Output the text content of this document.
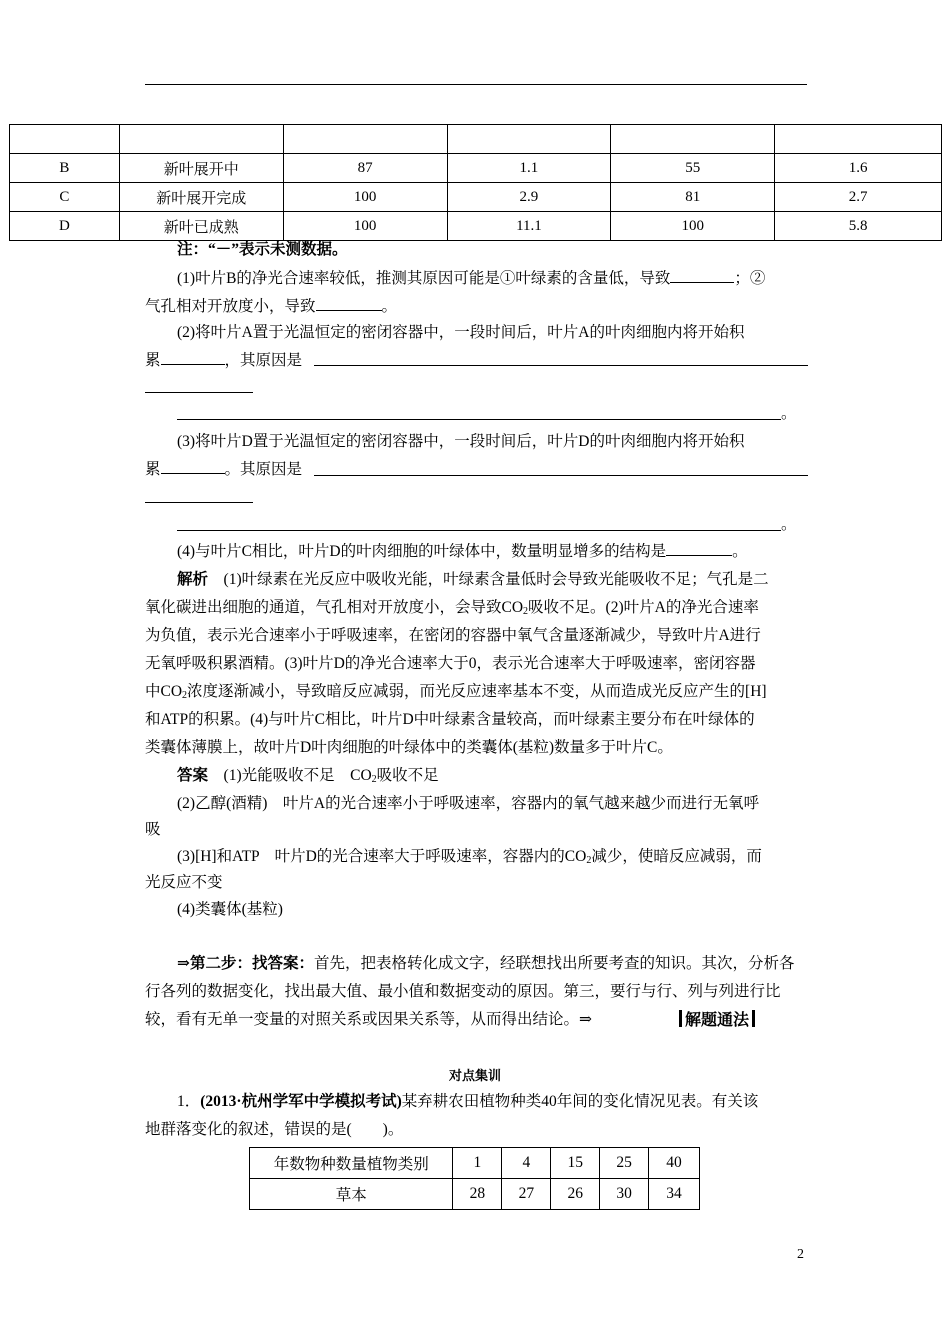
B	新叶展开中	87	1.1	55	1.6
C	新叶展开完成	100	2.9	81	2.7
D	新叶已成熟	100	11.1	100	5.8
注：“－”表示未测数据。
(1)叶片B的净光合速率较低，推测其原因可能是①叶绿素的含量低，导致	；②
气孔相对开放度小，导致	。
(2)将叶片A置于光温恒定的密闭容器中，一段时间后，叶片A的叶肉细胞内将开始积
累	，其原因是
。
(3)将叶片D置于光温恒定的密闭容器中，一段时间后，叶片D的叶肉细胞内将开始积
累	。其原因是
。
(4)与叶片C相比，叶片D的叶肉细胞的叶绿体中，数量明显增多的结构是	。
解析　 (1)叶绿素在光反应中吸收光能，叶绿素含量低时会导致光能吸收不足；气孔是二
氧化碳进出细胞的通道，气孔相对开放度小，会导致$CO_2$吸收不足。(2)叶片A的净光合速率
为负值，表示光合速率小于呼吸速率，在密闭的容器中氧气含量逐渐减少，导致叶片A进行
无氧呼吸积累酒精。(3)叶片D的净光合速率大于0，表示光合速率大于呼吸速率，密闭容器
中$CO_2$浓度逐渐减小，导致暗反应减弱，而光反应速率基本不变，从而造成光反应产生的[H]
和ATP的积累。(4)与叶片C相比，叶片D中叶绿素含量较高，而叶绿素主要分布在叶绿体的
类囊体薄膜上，故叶片D叶肉细胞的叶绿体中的类囊体(基粒)数量多于叶片C。
答案　 (1)光能吸收不足　$CO_2$吸收不足
(2)乙醇(酒精)　叶片A的光合速率小于呼吸速率，容器内的氧气越来越少而进行无氧呼
吸
(3)[H]和ATP　叶片D的光合速率大于呼吸速率，容器内的$CO_2$减少，使暗反应减弱，而
光反应不变
(4)类囊体(基粒)
⇒第二步：找答案：首先，把表格转化成文字，经联想找出所要考查的知识。其次，分析各
行各列的数据变化，找出最大值、最小值和数据变动的原因。第三，要行与行、列与列进行比
较，看有无单一变量的对照关系或因果关系等，从而得出结论。⇒	解题通法
对点集训
1．(2013·杭州学军中学模拟考试)某弃耕农田植物种类40年间的变化情况见表。有关该
地群落变化的叙述，错误的是(　　)。
年数物种数量植物类别	1	4	15	25	40
草本	28	27	26	30	34
2
